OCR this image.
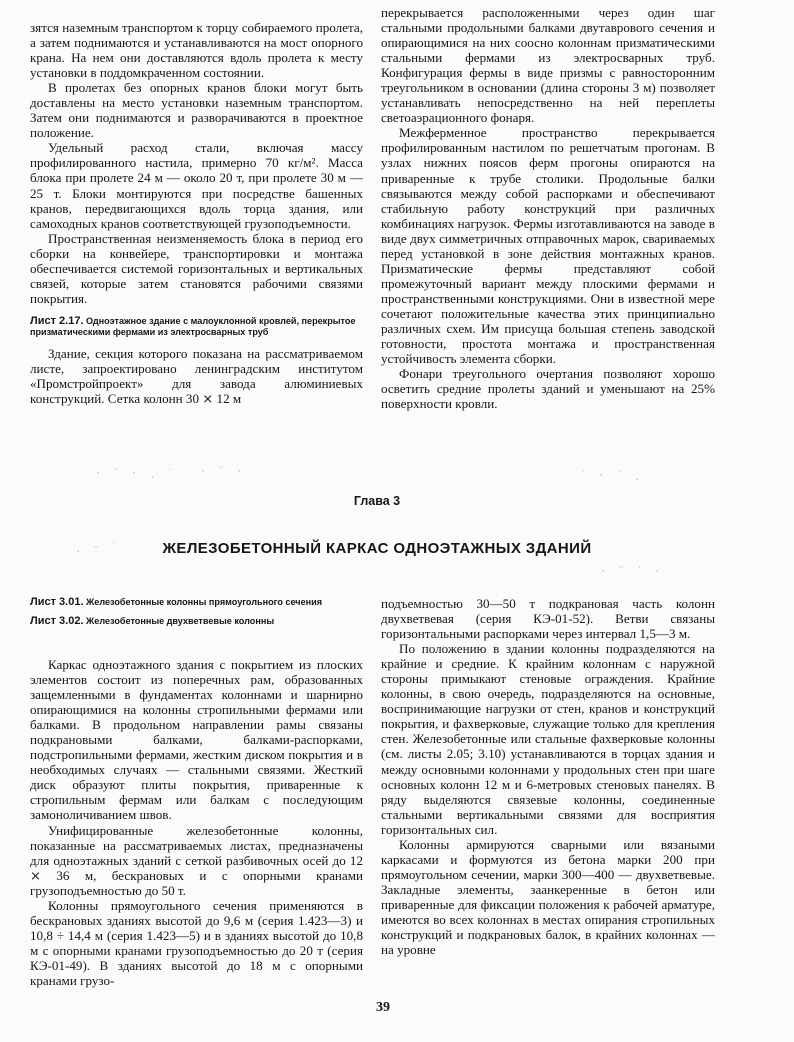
· ´ · ¸ ˙ · ¨ ·	˙ · ´ ¸
¸ · ˙
· ¨ ´ ·

зятся наземным транспортом к торцу собираемого пролета, а затем поднимаются и устанавливаются на мост опорного крана. На нем они доставляются вдоль пролета к месту установки в поддомкраченном состоянии.

В пролетах без опорных кранов блоки могут быть доставлены на место установки наземным транспортом. Затем они поднимаются и разворачиваются в проектное положение.

Удельный расход стали, включая массу профилированного настила, примерно 70 кг/м². Масса блока при пролете 24 м — около 20 т, при пролете 30 м — 25 т. Блоки монтируются при посредстве башенных кранов, передвигающихся вдоль торца здания, или самоходных кранов соответствующей грузоподъемности.

Пространственная неизменяемость блока в период его сборки на конвейере, транспортировки и монтажа обеспечивается системой горизонтальных и вертикальных связей, которые затем становятся рабочими связями покрытия.

Лист 2.17. Одноэтажное здание с малоуклонной кровлей, перекрытое призматическими фермами из электросварных труб

Здание, секция которого показана на рассматриваемом листе, запроектировано ленинградским институтом «Промстройпроект» для завода алюминиевых конструкций. Сетка колонн 30 ⨯ 12 м

перекрывается расположенными через один шаг стальными продольными балками двутаврового сечения и опирающимися на них соосно колоннам призматическими стальными фермами из электросварных труб. Конфигурация фермы в виде призмы с равносторонним треугольником в основании (длина стороны 3 м) позволяет устанавливать непосредственно на ней переплеты светоаэрационного фонаря.

Межферменное пространство перекрывается профилированным настилом по решетчатым прогонам. В узлах нижних поясов ферм прогоны опираются на приваренные к трубе столики. Продольные балки связываются между собой распорками и обеспечивают стабильную работу конструкций при различных комбинациях нагрузок. Фермы изготавливаются на заводе в виде двух симметричных отправочных марок, свариваемых перед установкой в зоне действия монтажных кранов. Призматические фермы представляют собой промежуточный вариант между плоскими фермами и пространственными конструкциями. Они в известной мере сочетают положительные качества этих принципиально различных схем. Им присуща большая степень заводской готовности, простота монтажа и пространственная устойчивость элемента сборки.

Фонари треугольного очертания позволяют хорошо осветить средние пролеты зданий и уменьшают на 25% поверхности кровли.

Глава 3
ЖЕЛЕЗОБЕТОННЫЙ КАРКАС ОДНОЭТАЖНЫХ ЗДАНИЙ
Лист 3.01. Железобетонные колонны прямоугольного сечения
Лист 3.02. Железобетонные двухветвевые колонны

Каркас одноэтажного здания с покрытием из плоских элементов состоит из поперечных рам, образованных защемленными в фундаментах колоннами и шарнирно опирающимися на колонны стропильными фермами или балками. В продольном направлении рамы связаны подкрановыми балками, балками-распорками, подстропильными фермами, жестким диском покрытия и в необходимых случаях — стальными связями. Жесткий диск образуют плиты покрытия, приваренные к стропильным фермам или балкам с последующим замоноличиванием швов.

Унифицированные железобетонные колонны, показанные на рассматриваемых листах, предназначены для одноэтажных зданий с сеткой разбивочных осей до 12 ⨯ 36 м, бескрановых и с опорными кранами грузоподъемностью до 50 т.

Колонны прямоугольного сечения применяются в бескрановых зданиях высотой до 9,6 м (серия 1.423—3) и 10,8 ÷ 14,4 м (серия 1.423—5) и в зданиях высотой до 10,8 м с опорными кранами грузоподъемностью до 20 т (серия КЭ-01-49). В зданиях высотой до 18 м с опорными кранами грузо-

подъемностью 30—50 т подкрановая часть колонн двухветвевая (серия КЭ-01-52). Ветви связаны горизонтальными распорками через интервал 1,5—3 м.

По положению в здании колонны подразделяются на крайние и средние. К крайним колоннам с наружной стороны примыкают стеновые ограждения. Крайние колонны, в свою очередь, подразделяются на основные, воспринимающие нагрузки от стен, кранов и конструкций покрытия, и фахверковые, служащие только для крепления стен. Железобетонные или стальные фахверковые колонны (см. листы 2.05; 3.10) устанавливаются в торцах здания и между основными колоннами у продольных стен при шаге основных колонн 12 м и 6-метровых стеновых панелях. В ряду выделяются связевые колонны, соединенные стальными вертикальными связями для восприятия горизонтальных сил.

Колонны армируются сварными или вязаными каркасами и формуются из бетона марки 200 при прямоугольном сечении, марки 300—400 — двухветвевые. Закладные элементы, заанкеренные в бетон или приваренные для фиксации положения к рабочей арматуре, имеются во всех колоннах в местах опирания стропильных конструкций и подкрановых балок, в крайних колоннах — на уровне

39
